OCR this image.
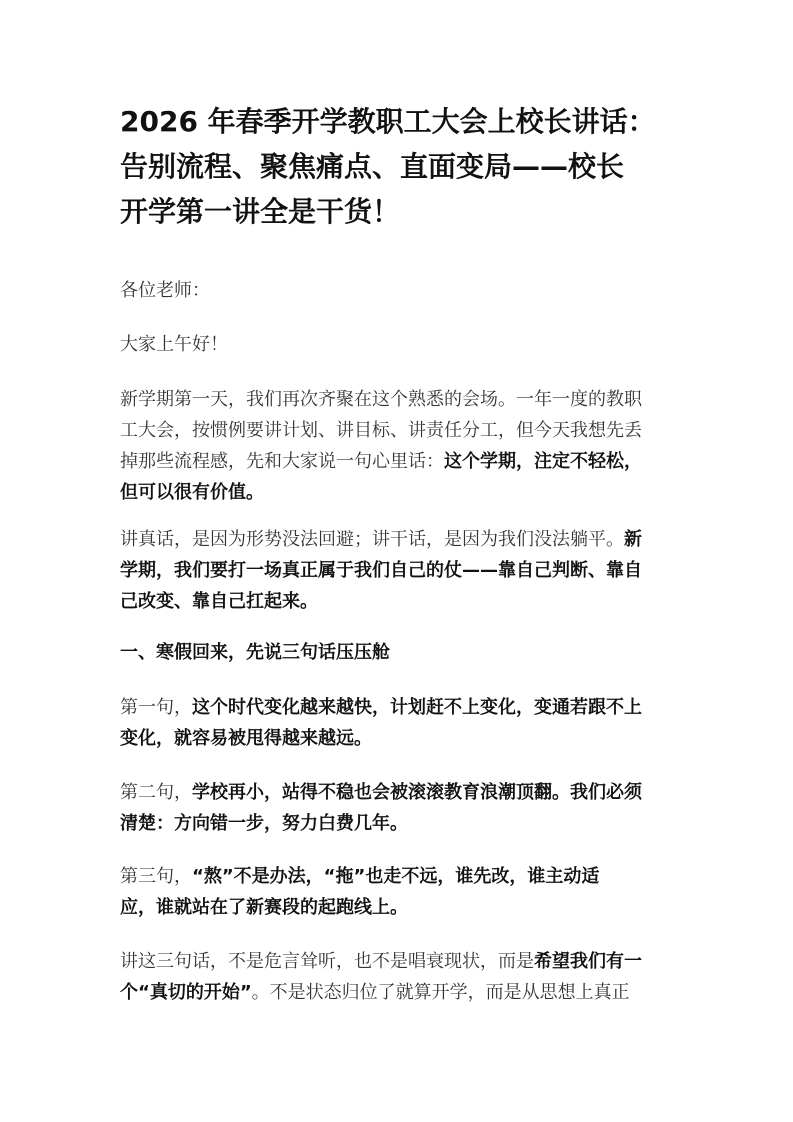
2026 年春季开学教职工大会上校长讲话：
告别流程、聚焦痛点、直面变局——校长
开学第一讲全是干货！

各位老师：

大家上午好！

新学期第一天，我们再次齐聚在这个熟悉的会场。一年一度的教职
工大会，按惯例要讲计划、讲目标、讲责任分工，但今天我想先丢
掉那些流程感，先和大家说一句心里话：这个学期，注定不轻松，
但可以很有价值。

讲真话，是因为形势没法回避；讲干话，是因为我们没法躺平。新
学期，我们要打一场真正属于我们自己的仗——靠自己判断、靠自
己改变、靠自己扛起来。

一、寒假回来，先说三句话压压舱

第一句，这个时代变化越来越快，计划赶不上变化，变通若跟不上
变化，就容易被甩得越来越远。

第二句，学校再小，站得不稳也会被滚滚教育浪潮顶翻。我们必须
清楚：方向错一步，努力白费几年。

第三句，“熬”不是办法，“拖”也走不远，谁先改，谁主动适
应，谁就站在了新赛段的起跑线上。

讲这三句话，不是危言耸听，也不是唱衰现状，而是希望我们有一
个“真切的开始”。不是状态归位了就算开学，而是从思想上真正
